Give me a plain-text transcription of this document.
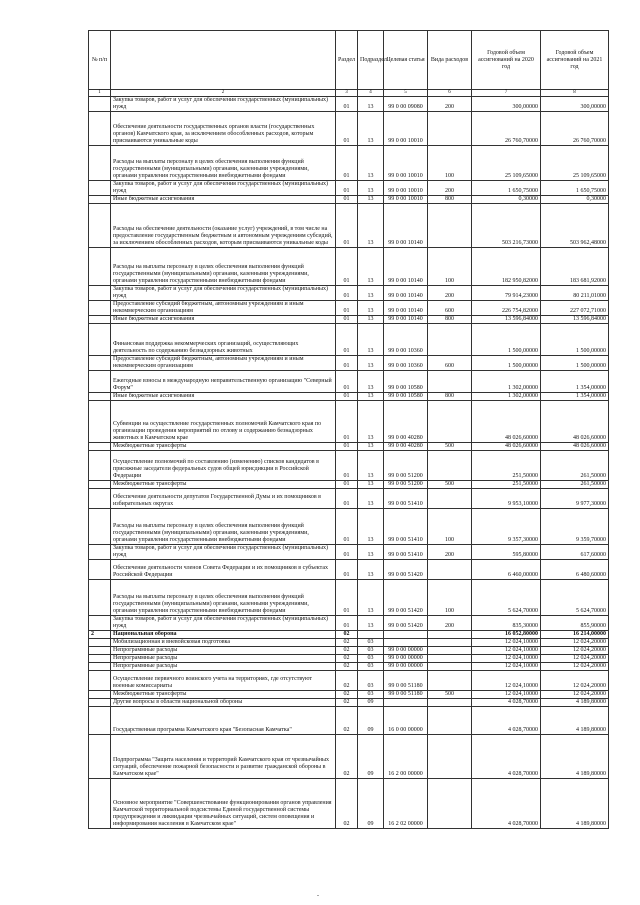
№ п/п		Раздел	Подраздел	Целевая статья	Вида расходов	Годовой объем ассигнований на 2020 год	Годовой объем ассигнований на 2021 год
1	2	3	4	5	6	7	8
	Закупка товаров, работ и услуг для обеспечения государственных (муниципальных) нужд	01	13	99 0 00 09080	200	300,00000	300,00000
	Обеспечение деятельности государственных органов власти (государственных органов) Камчатского края, за исключением обособленных расходов, которым присваиваются уникальные коды	01	13	99 0 00 10010		26 760,70000	26 760,70000
	Расходы на выплаты персоналу в целях обеспечения выполнения функций государственными (муниципальными) органами, казенными учреждениями, органами управления государственными внебюджетными фондами	01	13	99 0 00 10010	100	25 109,65000	25 109,65000
	Закупка товаров, работ и услуг для обеспечения государственных (муниципальных) нужд	01	13	99 0 00 10010	200	1 650,75000	1 650,75000
	Иные бюджетные ассигнования	01	13	99 0 00 10010	800	0,30000	0,30000
	Расходы на обеспечение деятельности (оказание услуг) учреждений, в том числе на предоставление государственным бюджетным и автономным учреждениям субсидий, за исключением обособленных расходов, которым присваиваются уникальные коды	01	13	99 0 00 10140		503 216,73000	503 962,48000
	Расходы на выплаты персоналу в целях обеспечения выполнения функций государственными (муниципальными) органами, казенными учреждениями, органами управления государственными внебюджетными фондами	01	13	99 0 00 10140	100	182 950,82000	183 681,92000
	Закупка товаров, работ и услуг для обеспечения государственных (муниципальных) нужд	01	13	99 0 00 10140	200	79 914,23000	80 211,01000
	Предоставление субсидий бюджетным, автономным учреждениям и иным некоммерческим организациям	01	13	99 0 00 10140	600	226 754,82000	227 072,71000
	Иные бюджетные ассигнования	01	13	99 0 00 10140	800	13 596,84000	13 596,84000
	Финансовая поддержка некоммерческих организаций, осуществляющих деятельность по содержанию безнадзорных животных	01	13	99 0 00 10360		1 500,00000	1 500,00000
	Предоставление субсидий бюджетным, автономным учреждениям и иным некоммерческим организациям	01	13	99 0 00 10360	600	1 500,00000	1 500,00000
	Ежегодные взносы в международную неправительственную организацию "Северный Форум"	01	13	99 0 00 10580		1 302,00000	1 354,00000
	Иные бюджетные ассигнования	01	13	99 0 00 10580	800	1 302,00000	1 354,00000
	Субвенции на осуществление государственных полномочий Камчатского края по организации проведения мероприятий по отлову и содержанию безнадзорных животных в Камчатском крае	01	13	99 0 00 40280		48 026,60000	48 026,60000
	Межбюджетные трансферты	01	13	99 0 00 40280	500	48 026,60000	48 026,60000
	Осуществление полномочий по составлению (изменению) списков кандидатов в присяжные заседатели федеральных судов общей юрисдикции в Российской Федерации	01	13	99 0 00 51200		251,50000	261,50000
	Межбюджетные трансферты	01	13	99 0 00 51200	500	251,50000	261,50000
	Обеспечение деятельности депутатов Государственной Думы и их помощников в избирательных округах	01	13	99 0 00 51410		9 953,10000	9 977,30000
	Расходы на выплаты персоналу в целях обеспечения выполнения функций государственными (муниципальными) органами, казенными учреждениями, органами управления государственными внебюджетными фондами	01	13	99 0 00 51410	100	9 357,30000	9 359,70000
	Закупка товаров, работ и услуг для обеспечения государственных (муниципальных) нужд	01	13	99 0 00 51410	200	595,80000	617,60000
	Обеспечение деятельности членов Совета Федерации и их помощников в субъектах Российской Федерации	01	13	99 0 00 51420		6 460,00000	6 480,60000
	Расходы на выплаты персоналу в целях обеспечения выполнения функций государственными (муниципальными) органами, казенными учреждениями, органами управления государственными внебюджетными фондами	01	13	99 0 00 51420	100	5 624,70000	5 624,70000
	Закупка товаров, работ и услуг для обеспечения государственных (муниципальных) нужд	01	13	99 0 00 51420	200	835,30000	855,90000
2	Национальная оборона	02				16 052,80000	16 214,00000
	Мобилизационная и вневойсковая подготовка	02	03			12 024,10000	12 024,20000
	Непрограммные расходы	02	03	99 0 00 00000		12 024,10000	12 024,20000
	Непрограммные расходы	02	03	99 0 00 00000		12 024,10000	12 024,20000
	Непрограммные расходы	02	03	99 0 00 00000		12 024,10000	12 024,20000
	Осуществление первичного воинского учета на территориях, где отсутствуют военные комиссариаты	02	03	99 0 00 51180		12 024,10000	12 024,20000
	Межбюджетные трансферты	02	03	99 0 00 51180	500	12 024,10000	12 024,20000
	Другие вопросы в области национальной обороны	02	09			4 028,70000	4 189,80000
	Государственная программа Камчатского края "Безопасная Камчатка"	02	09	16 0 00 00000		4 028,70000	4 189,80000
	Подпрограмма "Защита населения и территорий Камчатского края от чрезвычайных ситуаций, обеспечение пожарной безопасности и развитие гражданской обороны в Камчатском крае"	02	09	16 2 00 00000		4 028,70000	4 189,80000
	Основное мероприятие "Совершенствование функционирования органов управления Камчатской территориальной подсистемы Единой государственной системы предупреждения и ликвидации чрезвычайных ситуаций, систем оповещения и информирования населения в Камчатском крае"	02	09	16 2 02 00000		4 028,70000	4 189,80000
-
